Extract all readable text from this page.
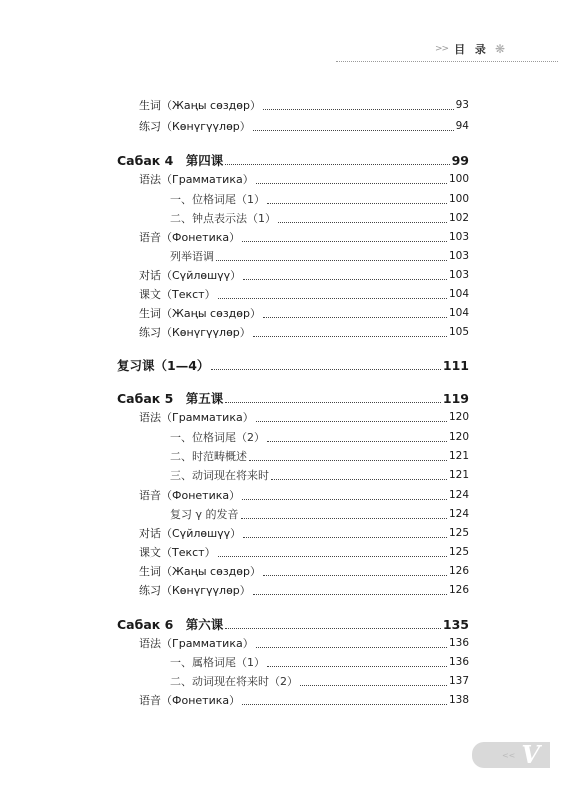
>> 目 录 ❋
生词（Жаңы сөздөр）	93
练习（Көнүгүүлөр）	94
Сабак 4　第四课	99
语法（Грамматика）	100
一、位格词尾（1）	100
二、钟点表示法（1）	102
语音（Фонетика）	103
列举语调	103
对话（Сүйлөшүү）	103
课文（Текст）	104
生词（Жаңы сөздөр）	104
练习（Көнүгүүлөр）	105
复习课（1—4）	111
Сабак 5　第五课	119
语法（Грамматика）	120
一、位格词尾（2）	120
二、时范畴概述	121
三、动词现在将来时	121
语音（Фонетика）	124
复习 γ 的发音	124
对话（Сүйлөшүү）	125
课文（Текст）	125
生词（Жаңы сөздөр）	126
练习（Көнүгүүлөр）	126
Сабак 6　第六课	135
语法（Грамматика）	136
一、属格词尾（1）	136
二、动词现在将来时（2）	137
语音（Фонетика）	138
<< V
